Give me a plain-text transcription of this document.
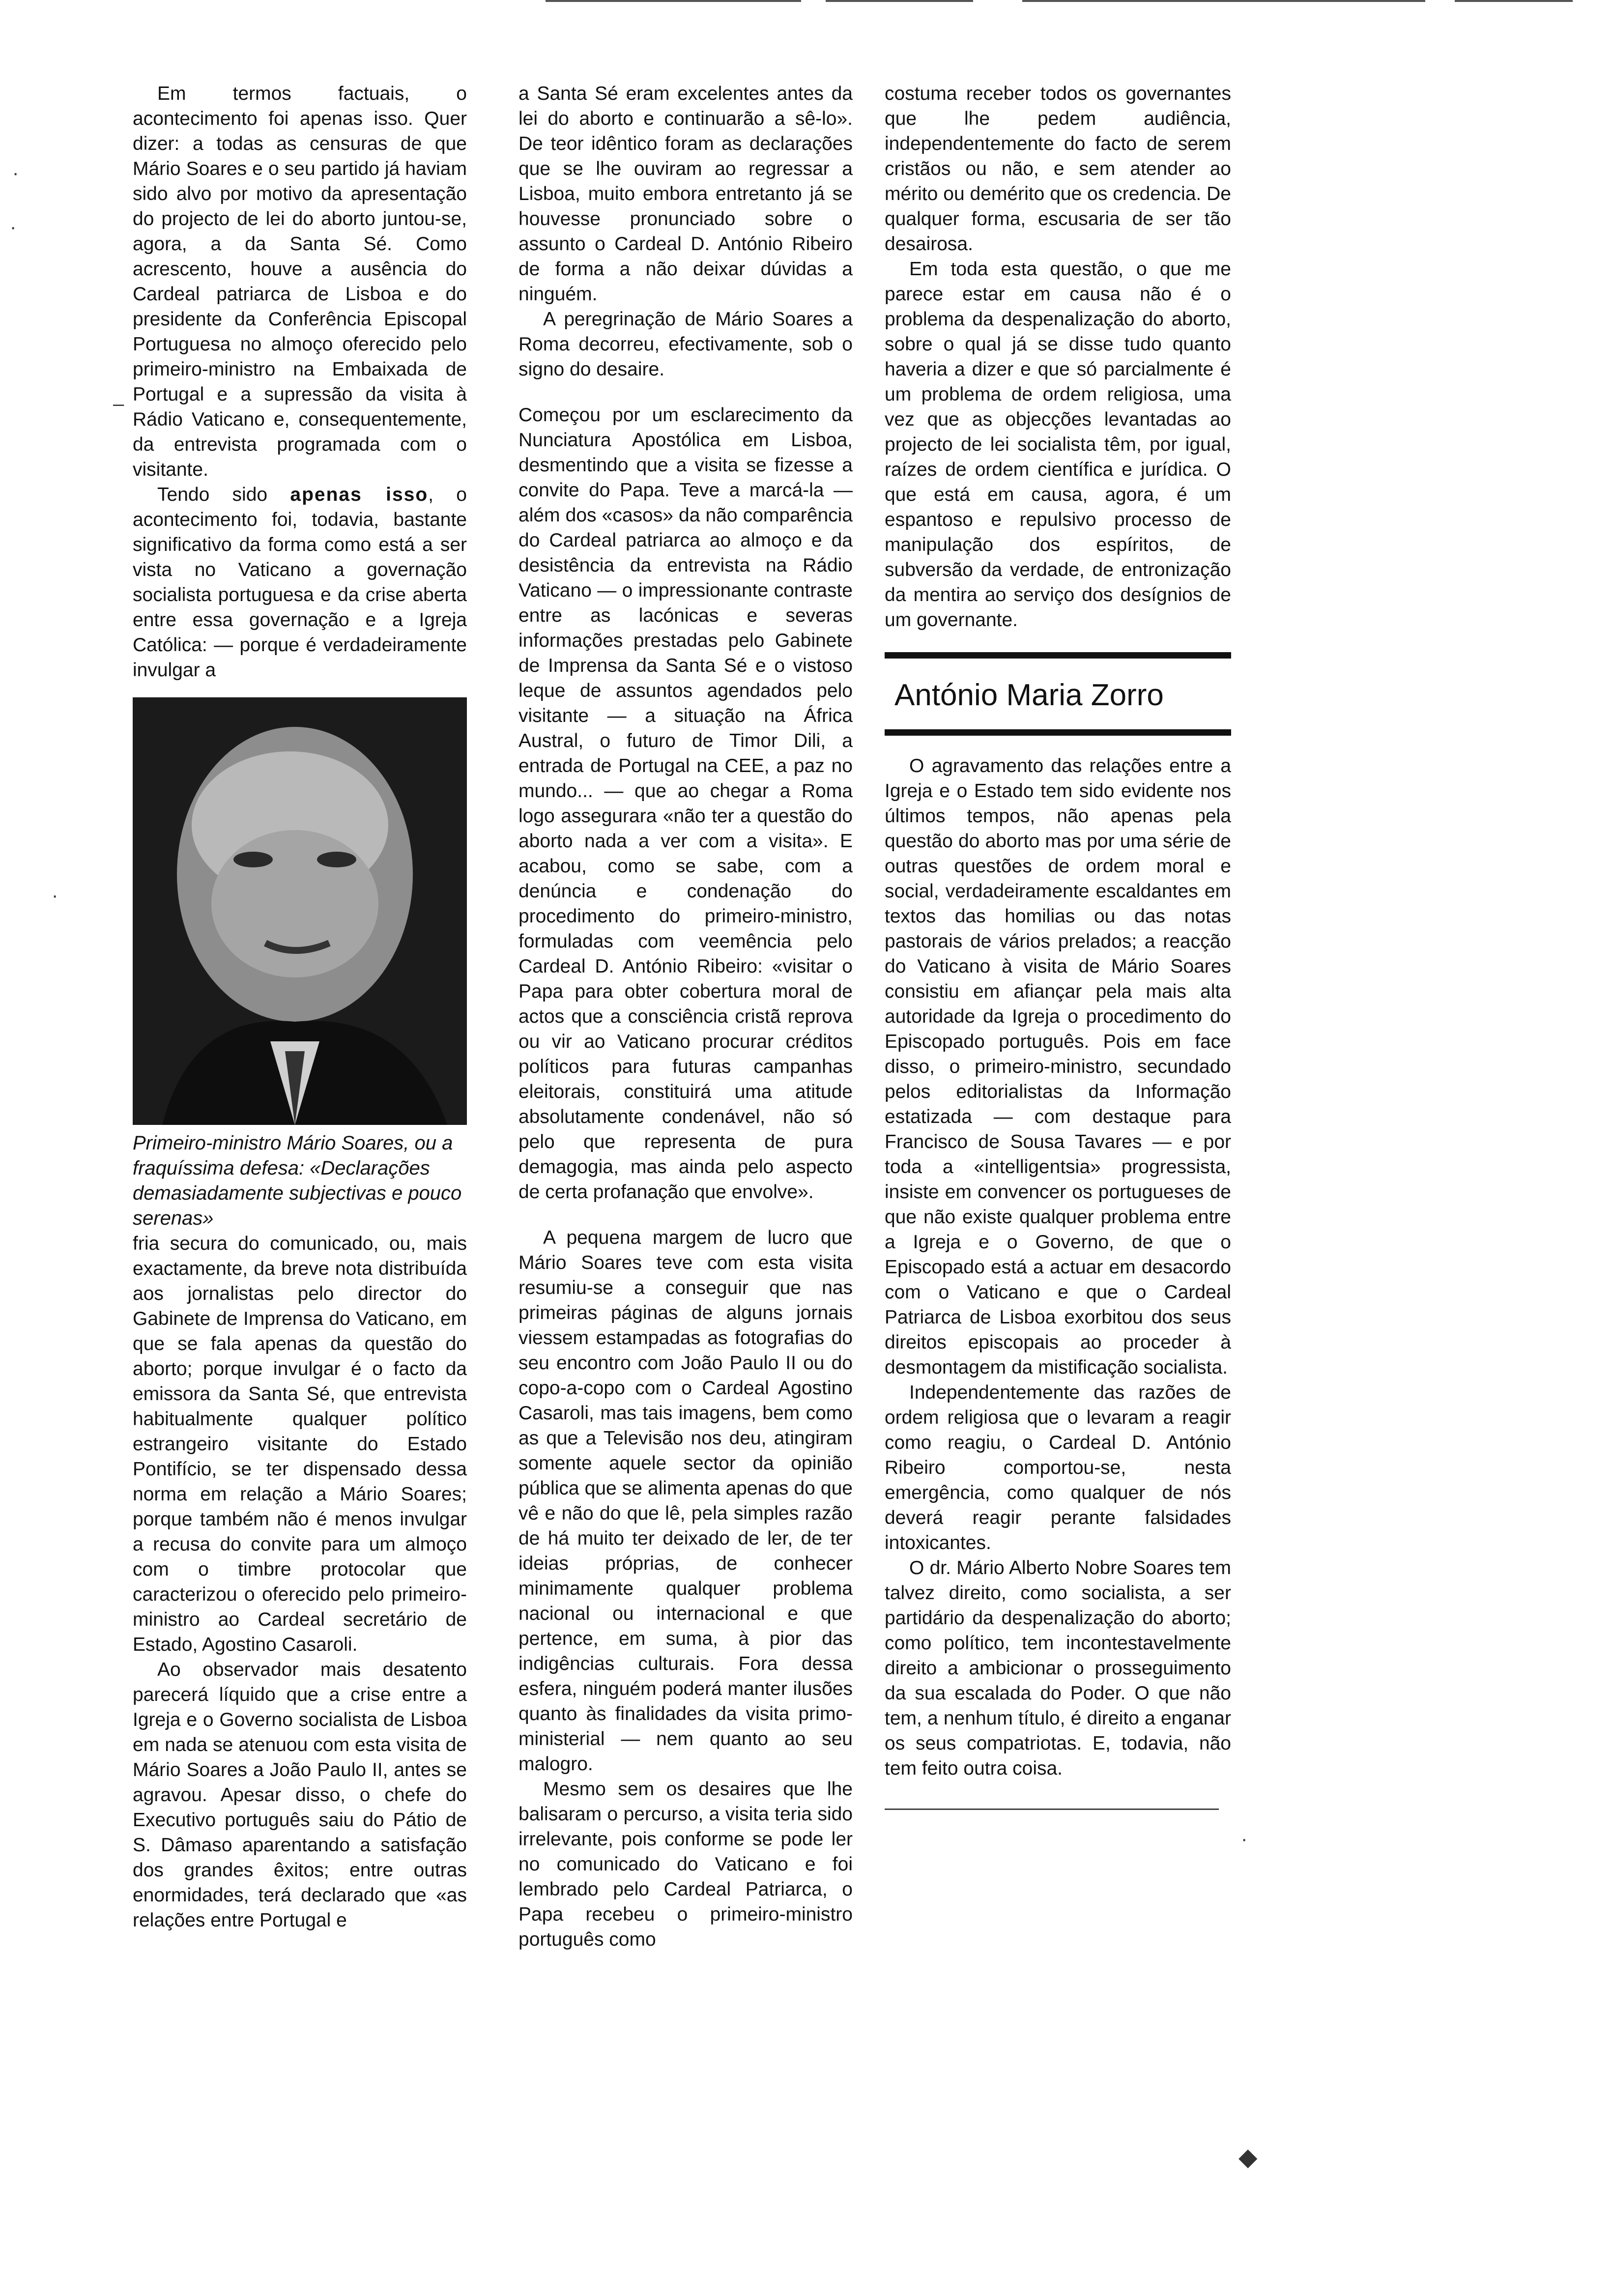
·
·
–
·
·
◆

Em termos factuais, o acontecimento foi apenas isso. Quer dizer: a todas as censuras de que Mário Soares e o seu partido já haviam sido alvo por motivo da apresentação do projecto de lei do aborto juntou-se, agora, a da Santa Sé. Como acrescento, houve a ausência do Cardeal patriarca de Lisboa e do presidente da Conferência Episcopal Portuguesa no almoço oferecido pelo primeiro-ministro na Embaixada de Portugal e a supressão da visita à Rádio Vaticano e, consequentemente, da entrevista programada com o visitante.

Tendo sido apenas isso, o acontecimento foi, todavia, bastante significativo da forma como está a ser vista no Vaticano a governação socialista portuguesa e da crise aberta entre essa governação e a Igreja Católica: — porque é verdadeiramente invulgar a

Primeiro-ministro Mário Soares, ou a fraquíssima defesa: «Declarações demasiadamente subjectivas e pouco serenas»

fria secura do comunicado, ou, mais exactamente, da breve nota distribuída aos jornalistas pelo director do Gabinete de Imprensa do Vaticano, em que se fala apenas da questão do aborto; porque invulgar é o facto da emissora da Santa Sé, que entrevista habitualmente qualquer político estrangeiro visitante do Estado Pontifício, se ter dispensado dessa norma em relação a Mário Soares; porque também não é menos invulgar a recusa do convite para um almoço com o timbre protocolar que caracterizou o oferecido pelo primeiro-ministro ao Cardeal secretário de Estado, Agostino Casaroli.

Ao observador mais desatento parecerá líquido que a crise entre a Igreja e o Governo socialista de Lisboa em nada se atenuou com esta visita de Mário Soares a João Paulo II, antes se agravou. Apesar disso, o chefe do Executivo português saiu do Pátio de S. Dâmaso aparentando a satisfação dos grandes êxitos; entre outras enormidades, terá declarado que «as relações entre Portugal e

a Santa Sé eram excelentes antes da lei do aborto e continuarão a sê-lo». De teor idêntico foram as declarações que se lhe ouviram ao regressar a Lisboa, muito embora entretanto já se houvesse pronunciado sobre o assunto o Cardeal D. António Ribeiro de forma a não deixar dúvidas a ninguém.

A peregrinação de Mário Soares a Roma decorreu, efectivamente, sob o signo do desaire.

Começou por um esclarecimento da Nunciatura Apostólica em Lisboa, desmentindo que a visita se fizesse a convite do Papa. Teve a marcá-la — além dos «casos» da não comparência do Cardeal patriarca ao almoço e da desistência da entrevista na Rádio Vaticano — o impressionante contraste entre as lacónicas e severas informações prestadas pelo Gabinete de Imprensa da Santa Sé e o vistoso leque de assuntos agendados pelo visitante — a situação na África Austral, o futuro de Timor Dili, a entrada de Portugal na CEE, a paz no mundo... — que ao chegar a Roma logo assegurara «não ter a questão do aborto nada a ver com a visita». E acabou, como se sabe, com a denúncia e condenação do procedimento do primeiro-ministro, formuladas com veemência pelo Cardeal D. António Ribeiro: «visitar o Papa para obter cobertura moral de actos que a consciência cristã reprova ou vir ao Vaticano procurar créditos políticos para futuras campanhas eleitorais, constituirá uma atitude absolutamente condenável, não só pelo que representa de pura demagogia, mas ainda pelo aspecto de certa profanação que envolve».

A pequena margem de lucro que Mário Soares teve com esta visita resumiu-se a conseguir que nas primeiras páginas de alguns jornais viessem estampadas as fotografias do seu encontro com João Paulo II ou do copo-a-copo com o Cardeal Agostino Casaroli, mas tais imagens, bem como as que a Televisão nos deu, atingiram somente aquele sector da opinião pública que se alimenta apenas do que vê e não do que lê, pela simples razão de há muito ter deixado de ler, de ter ideias próprias, de conhecer minimamente qualquer problema nacional ou internacional e que pertence, em suma, à pior das indigências culturais. Fora dessa esfera, ninguém poderá manter ilusões quanto às finalidades da visita primo-ministerial — nem quanto ao seu malogro.

Mesmo sem os desaires que lhe balisaram o percurso, a visita teria sido irrelevante, pois conforme se pode ler no comunicado do Vaticano e foi lembrado pelo Cardeal Patriarca, o Papa recebeu o primeiro-ministro português como

costuma receber todos os governantes que lhe pedem audiência, independentemente do facto de serem cristãos ou não, e sem atender ao mérito ou demérito que os credencia. De qualquer forma, escusaria de ser tão desairosa.

Em toda esta questão, o que me parece estar em causa não é o problema da despenalização do aborto, sobre o qual já se disse tudo quanto haveria a dizer e que só parcialmente é um problema de ordem religiosa, uma vez que as objecções levantadas ao projecto de lei socialista têm, por igual, raízes de ordem científica e jurídica. O que está em causa, agora, é um espantoso e repulsivo processo de manipulação dos espíritos, de subversão da verdade, de entronização da mentira ao serviço dos desígnios de um governante.

António Maria Zorro

O agravamento das relações entre a Igreja e o Estado tem sido evidente nos últimos tempos, não apenas pela questão do aborto mas por uma série de outras questões de ordem moral e social, verdadeiramente escaldantes em textos das homilias ou das notas pastorais de vários prelados; a reacção do Vaticano à visita de Mário Soares consistiu em afiançar pela mais alta autoridade da Igreja o procedimento do Episcopado português. Pois em face disso, o primeiro-ministro, secundado pelos editorialistas da Informação estatizada — com destaque para Francisco de Sousa Tavares — e por toda a «intelligentsia» progressista, insiste em convencer os portugueses de que não existe qualquer problema entre a Igreja e o Governo, de que o Episcopado está a actuar em desacordo com o Vaticano e que o Cardeal Patriarca de Lisboa exorbitou dos seus direitos episcopais ao proceder à desmontagem da mistificação socialista.

Independentemente das razões de ordem religiosa que o levaram a reagir como reagiu, o Cardeal D. António Ribeiro comportou-se, nesta emergência, como qualquer de nós deverá reagir perante falsidades intoxicantes.

O dr. Mário Alberto Nobre Soares tem talvez direito, como socialista, a ser partidário da despenalização do aborto; como político, tem incontestavelmente direito a ambicionar o prosseguimento da sua escalada do Poder. O que não tem, a nenhum título, é direito a enganar os seus compatriotas. E, todavia, não tem feito outra coisa.
